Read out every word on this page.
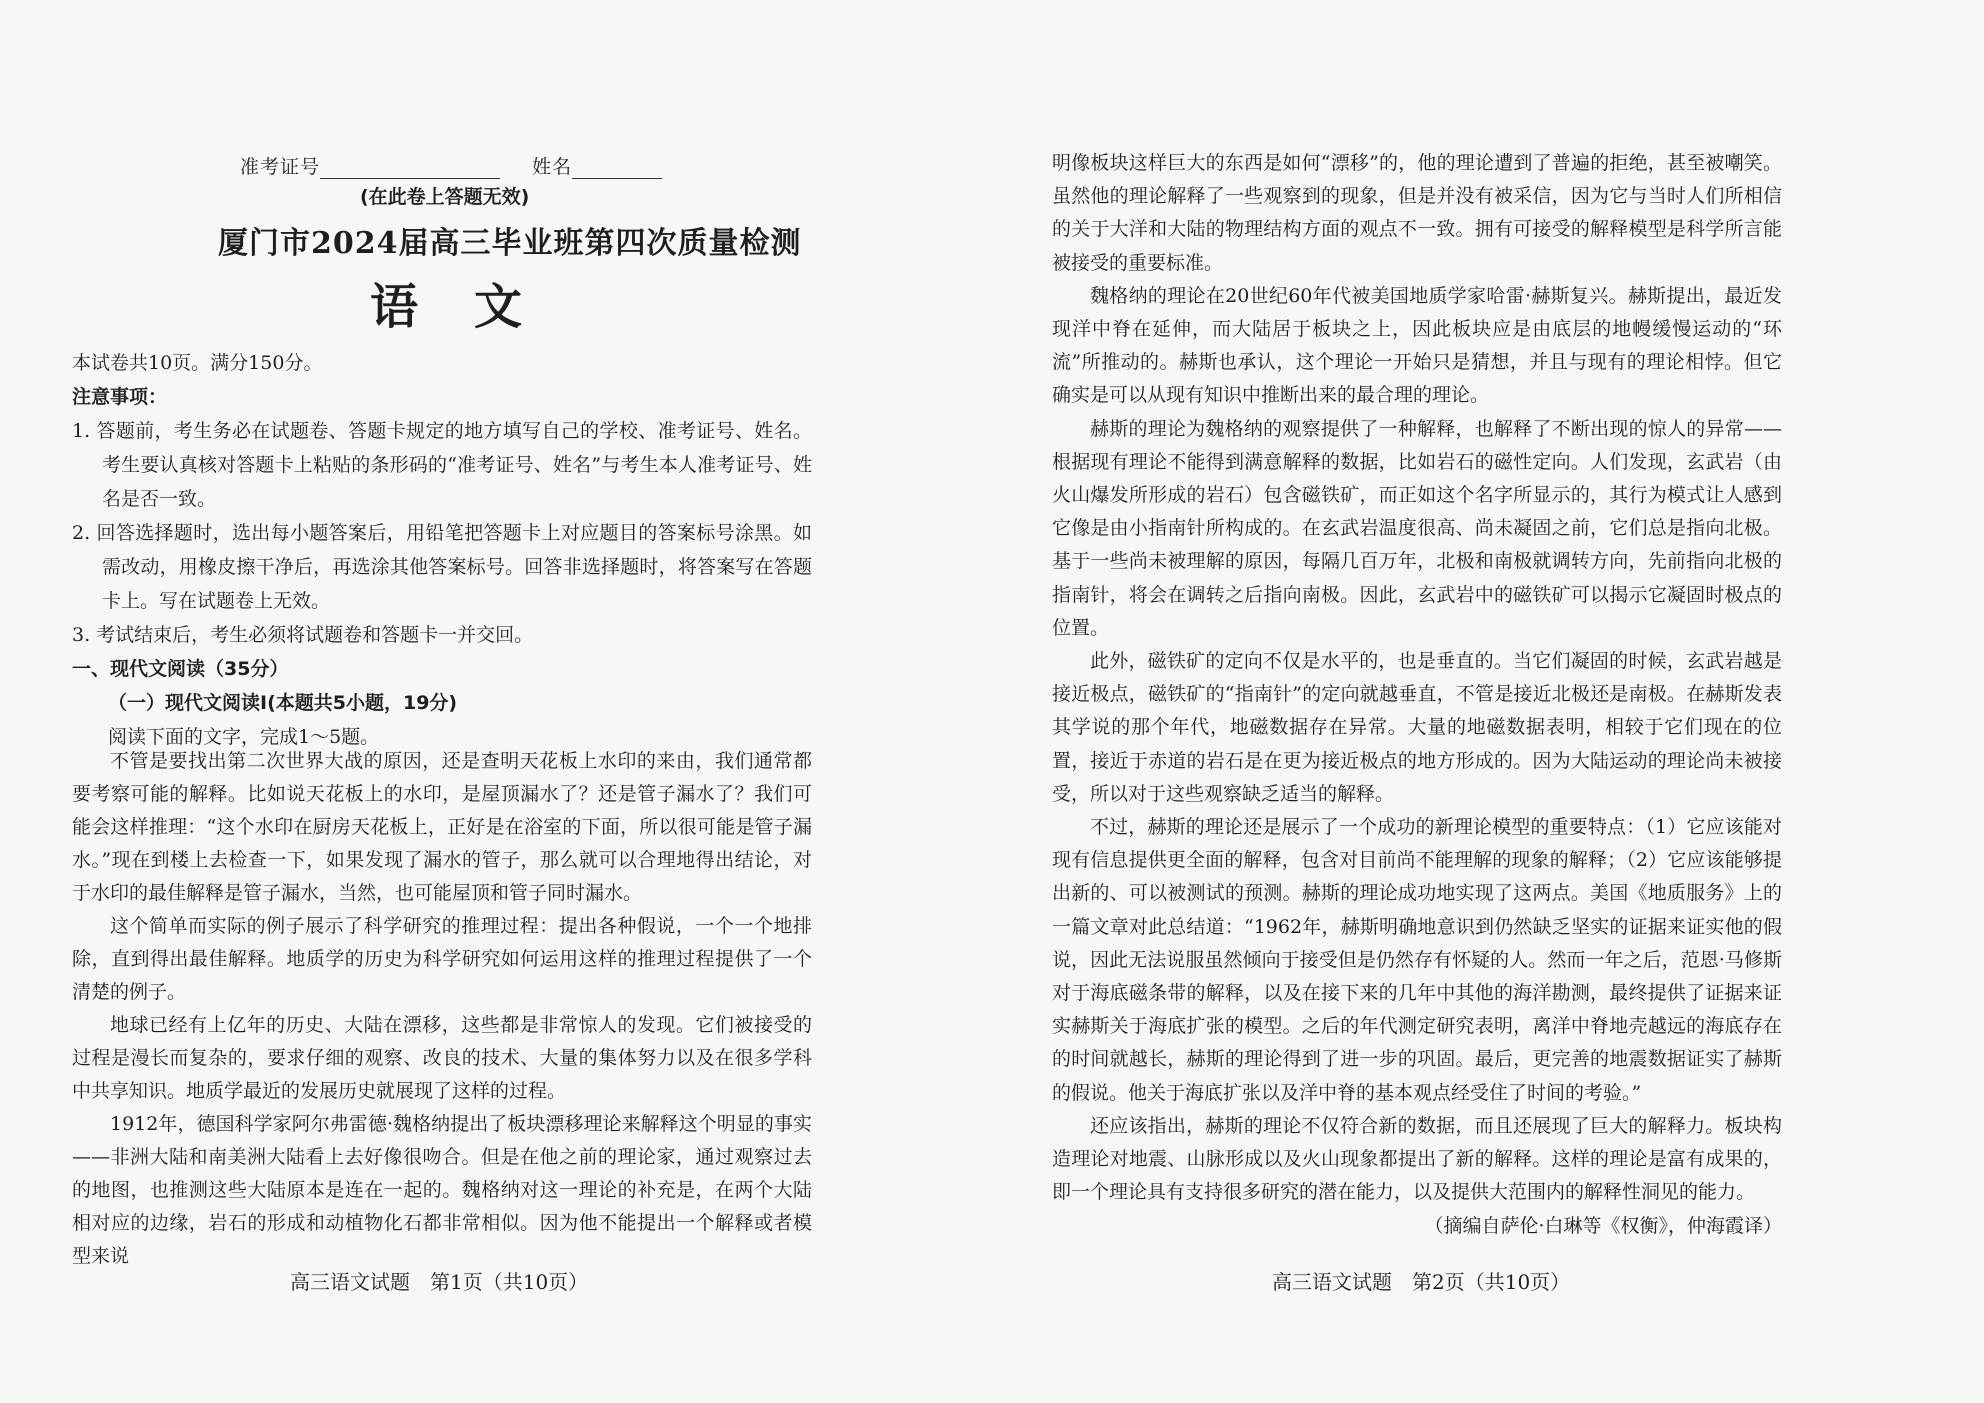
准考证号	姓名
(在此卷上答题无效)
厦门市2024届高三毕业班第四次质量检测
语文

本试卷共10页。满分150分。

注意事项：

1. 答题前，考生务必在试题卷、答题卡规定的地方填写自己的学校、准考证号、姓名。考生要认真核对答题卡上粘贴的条形码的“准考证号、姓名”与考生本人准考证号、姓名是否一致。

2. 回答选择题时，选出每小题答案后，用铅笔把答题卡上对应题目的答案标号涂黑。如需改动，用橡皮擦干净后，再选涂其他答案标号。回答非选择题时，将答案写在答题卡上。写在试题卷上无效。

3. 考试结束后，考生必须将试题卷和答题卡一并交回。

一、现代文阅读（35分）

（一）现代文阅读Ⅰ(本题共5小题，19分)

阅读下面的文字，完成1～5题。

不管是要找出第二次世界大战的原因，还是查明天花板上水印的来由，我们通常都要考察可能的解释。比如说天花板上的水印，是屋顶漏水了？还是管子漏水了？我们可能会这样推理：“这个水印在厨房天花板上，正好是在浴室的下面，所以很可能是管子漏水。”现在到楼上去检查一下，如果发现了漏水的管子，那么就可以合理地得出结论，对于水印的最佳解释是管子漏水，当然，也可能屋顶和管子同时漏水。

这个简单而实际的例子展示了科学研究的推理过程：提出各种假说，一个一个地排除，直到得出最佳解释。地质学的历史为科学研究如何运用这样的推理过程提供了一个清楚的例子。

地球已经有上亿年的历史、大陆在漂移，这些都是非常惊人的发现。它们被接受的过程是漫长而复杂的，要求仔细的观察、改良的技术、大量的集体努力以及在很多学科中共享知识。地质学最近的发展历史就展现了这样的过程。

1912年，德国科学家阿尔弗雷德·魏格纳提出了板块漂移理论来解释这个明显的事实——非洲大陆和南美洲大陆看上去好像很吻合。但是在他之前的理论家，通过观察过去的地图，也推测这些大陆原本是连在一起的。魏格纳对这一理论的补充是，在两个大陆相对应的边缘，岩石的形成和动植物化石都非常相似。因为他不能提出一个解释或者模型来说

高三语文试题　第1页（共10页）

明像板块这样巨大的东西是如何“漂移”的，他的理论遭到了普遍的拒绝，甚至被嘲笑。虽然他的理论解释了一些观察到的现象，但是并没有被采信，因为它与当时人们所相信的关于大洋和大陆的物理结构方面的观点不一致。拥有可接受的解释模型是科学所言能被接受的重要标准。

魏格纳的理论在20世纪60年代被美国地质学家哈雷·赫斯复兴。赫斯提出，最近发现洋中脊在延伸，而大陆居于板块之上，因此板块应是由底层的地幔缓慢运动的“环流”所推动的。赫斯也承认，这个理论一开始只是猜想，并且与现有的理论相悖。但它确实是可以从现有知识中推断出来的最合理的理论。

赫斯的理论为魏格纳的观察提供了一种解释，也解释了不断出现的惊人的异常——根据现有理论不能得到满意解释的数据，比如岩石的磁性定向。人们发现，玄武岩（由火山爆发所形成的岩石）包含磁铁矿，而正如这个名字所显示的，其行为模式让人感到它像是由小指南针所构成的。在玄武岩温度很高、尚未凝固之前，它们总是指向北极。基于一些尚未被理解的原因，每隔几百万年，北极和南极就调转方向，先前指向北极的指南针，将会在调转之后指向南极。因此，玄武岩中的磁铁矿可以揭示它凝固时极点的位置。

此外，磁铁矿的定向不仅是水平的，也是垂直的。当它们凝固的时候，玄武岩越是接近极点，磁铁矿的“指南针”的定向就越垂直，不管是接近北极还是南极。在赫斯发表其学说的那个年代，地磁数据存在异常。大量的地磁数据表明，相较于它们现在的位置，接近于赤道的岩石是在更为接近极点的地方形成的。因为大陆运动的理论尚未被接受，所以对于这些观察缺乏适当的解释。

不过，赫斯的理论还是展示了一个成功的新理论模型的重要特点：（1）它应该能对现有信息提供更全面的解释，包含对目前尚不能理解的现象的解释；（2）它应该能够提出新的、可以被测试的预测。赫斯的理论成功地实现了这两点。美国《地质服务》上的一篇文章对此总结道：“1962年，赫斯明确地意识到仍然缺乏坚实的证据来证实他的假说，因此无法说服虽然倾向于接受但是仍然存有怀疑的人。然而一年之后，范恩·马修斯对于海底磁条带的解释，以及在接下来的几年中其他的海洋勘测，最终提供了证据来证实赫斯关于海底扩张的模型。之后的年代测定研究表明，离洋中脊地壳越远的海底存在的时间就越长，赫斯的理论得到了进一步的巩固。最后，更完善的地震数据证实了赫斯的假说。他关于海底扩张以及洋中脊的基本观点经受住了时间的考验。”

还应该指出，赫斯的理论不仅符合新的数据，而且还展现了巨大的解释力。板块构造理论对地震、山脉形成以及火山现象都提出了新的解释。这样的理论是富有成果的，即一个理论具有支持很多研究的潜在能力，以及提供大范围内的解释性洞见的能力。

（摘编自萨伦·白琳等《权衡》，仲海霞译）

高三语文试题　第2页（共10页）
